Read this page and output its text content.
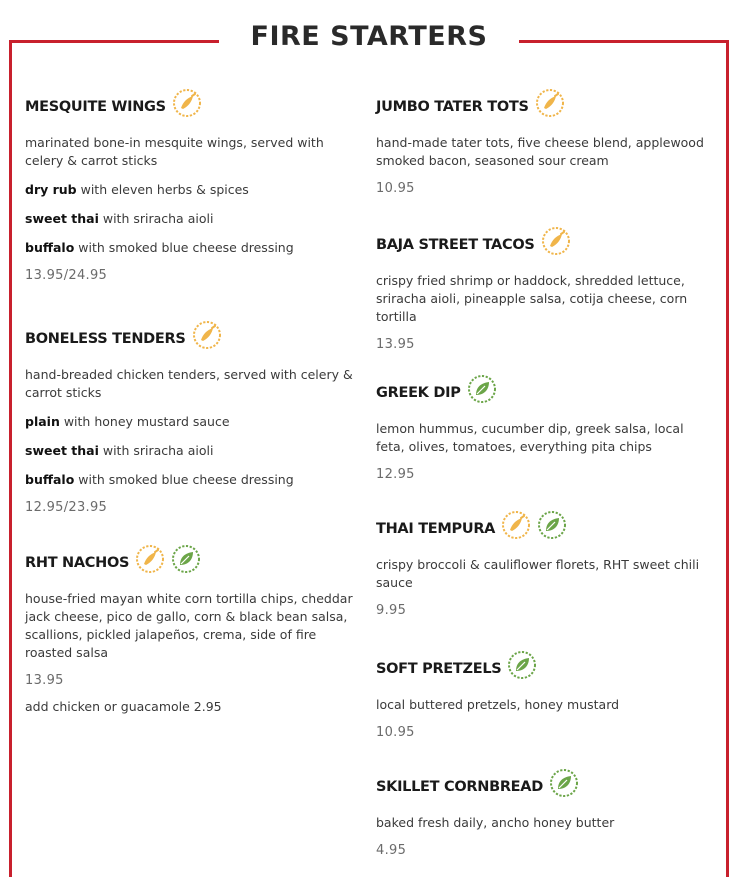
FIRE STARTERS
MESQUITE WINGS

marinated bone-in mesquite wings, served with celery & carrot sticks

dry rub with eleven herbs & spices

sweet thai with sriracha aioli

buffalo with smoked blue cheese dressing

13.95/24.95

BONELESS TENDERS

hand-breaded chicken tenders, served with celery & carrot sticks

plain with honey mustard sauce

sweet thai with sriracha aioli

buffalo with smoked blue cheese dressing

12.95/23.95

RHT NACHOS

house-fried mayan white corn tortilla chips, cheddar jack cheese, pico de gallo, corn & black bean salsa, scallions, pickled jalapeños, crema, side of fire roasted salsa

13.95

add chicken or guacamole 2.95

JUMBO TATER TOTS

hand-made tater tots, five cheese blend, applewood smoked bacon, seasoned sour cream

10.95

BAJA STREET TACOS

crispy fried shrimp or haddock, shredded lettuce, sriracha aioli, pineapple salsa, cotija cheese, corn tortilla

13.95

GREEK DIP

lemon hummus, cucumber dip, greek salsa, local feta, olives, tomatoes, everything pita chips

12.95

THAI TEMPURA

crispy broccoli & cauliflower florets, RHT sweet chili sauce

9.95

SOFT PRETZELS

local buttered pretzels, honey mustard

10.95

SKILLET CORNBREAD

baked fresh daily, ancho honey butter

4.95
